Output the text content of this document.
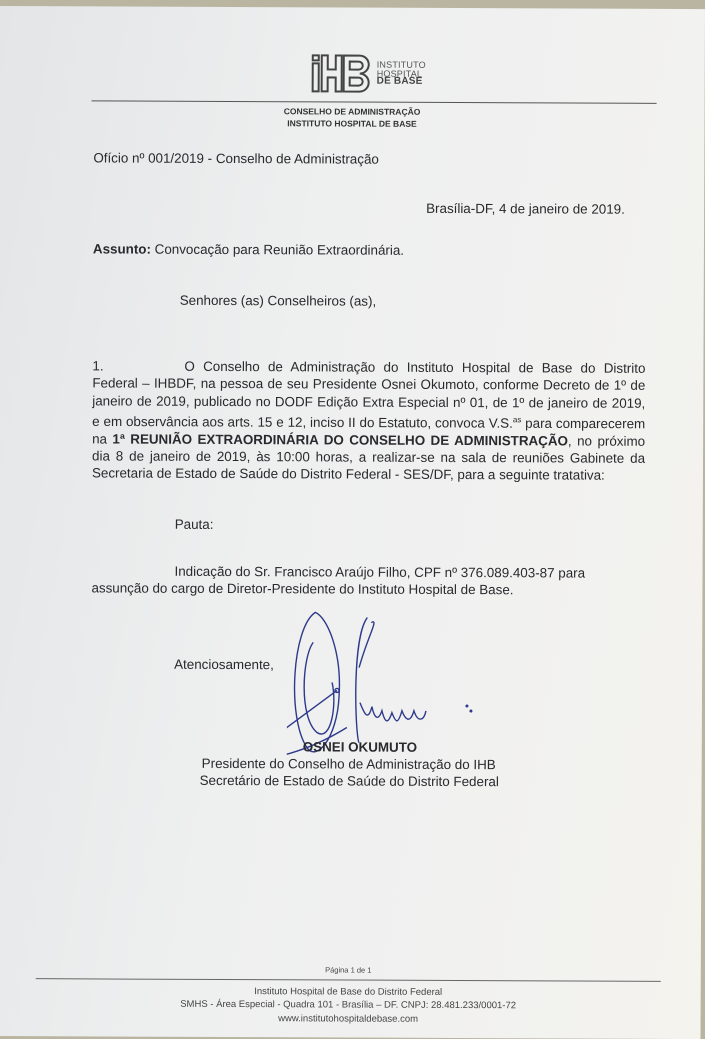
INSTITUTO
HOSPITAL
DE BASE
CONSELHO DE ADMINISTRAÇÃO
INSTITUTO HOSPITAL DE BASE
Ofício nº 001/2019 - Conselho de Administração
Brasília-DF, 4 de janeiro de 2019.
Assunto: Convocação para Reunião Extraordinária.
Senhores (as) Conselheiros (as),
1.	O Conselho de Administração do Instituto Hospital de Base do Distrito Federal – IHBDF, na pessoa de seu Presidente Osnei Okumoto, conforme Decreto de 1º de janeiro de 2019, publicado no DODF Edição Extra Especial nº 01, de 1º de janeiro de 2019, e em observância aos arts. 15 e 12, inciso II do Estatuto, convoca V.S.$^{as}$ para comparecerem na 1ª REUNIÃO EXTRAORDINÁRIA DO CONSELHO DE ADMINISTRAÇÃO, no próximo dia 8 de janeiro de 2019, às 10:00 horas, a realizar-se na sala de reuniões Gabinete da Secretaria de Estado de Saúde do Distrito Federal - SES/DF, para a seguinte tratativa:
Pauta:
Indicação do Sr. Francisco Araújo Filho, CPF nº 376.089.403-87 para
assunção do cargo de Diretor-Presidente do Instituto Hospital de Base.
Atenciosamente,
OSNEI OKUMUTO
Presidente do Conselho de Administração do IHB
Secretário de Estado de Saúde do Distrito Federal
Página 1 de 1
Instituto Hospital de Base do Distrito Federal
SMHS - Área Especial - Quadra 101 - Brasília – DF. CNPJ: 28.481.233/0001-72
www.institutohospitaldebase.com
